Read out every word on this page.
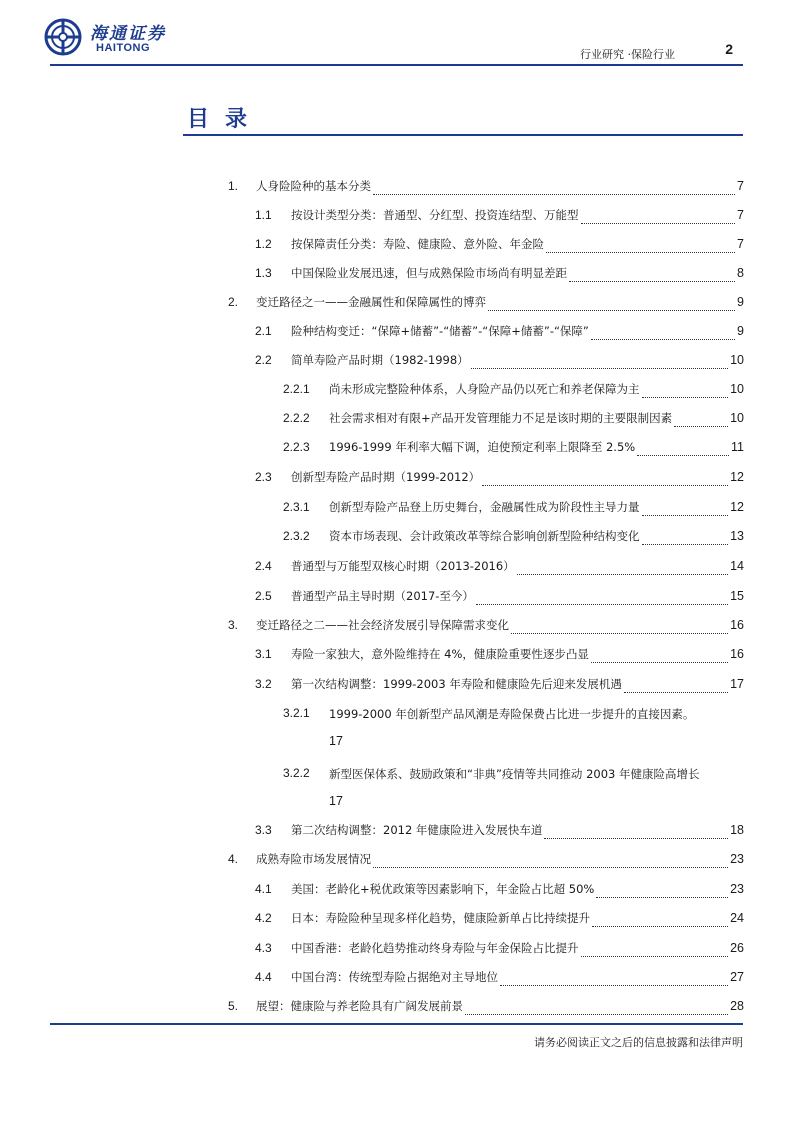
海通证券
HAITONG	行业研究 ·保险行业	2
目录
1.	人身险险种的基本分类	7
1.1	按设计类型分类：普通型、分红型、投资连结型、万能型	7
1.2	按保障责任分类：寿险、健康险、意外险、年金险	7
1.3	中国保险业发展迅速，但与成熟保险市场尚有明显差距	8
2.	变迁路径之一——金融属性和保障属性的博弈	9
2.1	险种结构变迁：“保障+储蓄”-“储蓄”-“保障+储蓄”-“保障”	9
2.2	简单寿险产品时期（1982-1998）	10
2.2.1	尚未形成完整险种体系，人身险产品仍以死亡和养老保障为主	10
2.2.2	社会需求相对有限+产品开发管理能力不足是该时期的主要限制因素	10
2.2.3	1996-1999 年利率大幅下调，迫使预定利率上限降至 2.5%	11
2.3	创新型寿险产品时期（1999-2012）	12
2.3.1	创新型寿险产品登上历史舞台，金融属性成为阶段性主导力量	12
2.3.2	资本市场表现、会计政策改革等综合影响创新型险种结构变化	13
2.4	普通型与万能型双核心时期（2013-2016）	14
2.5	普通型产品主导时期（2017-至今）	15
3.	变迁路径之二——社会经济发展引导保障需求变化	16
3.1	寿险一家独大，意外险维持在 4%，健康险重要性逐步凸显	16
3.2	第一次结构调整：1999-2003 年寿险和健康险先后迎来发展机遇	17
3.2.1 1999-2000 年创新型产品风潮是寿险保费占比进一步提升的直接因素。
17
3.2.2 新型医保体系、鼓励政策和“非典”疫情等共同推动 2003 年健康险高增长
17
3.3	第二次结构调整：2012 年健康险进入发展快车道	18
4.	成熟寿险市场发展情况	23
4.1	美国：老龄化+税优政策等因素影响下，年金险占比超 50%	23
4.2	日本：寿险险种呈现多样化趋势，健康险新单占比持续提升	24
4.3	中国香港：老龄化趋势推动终身寿险与年金保险占比提升	26
4.4	中国台湾：传统型寿险占据绝对主导地位	27
5.	展望：健康险与养老险具有广阔发展前景	28
请务必阅读正文之后的信息披露和法律声明
